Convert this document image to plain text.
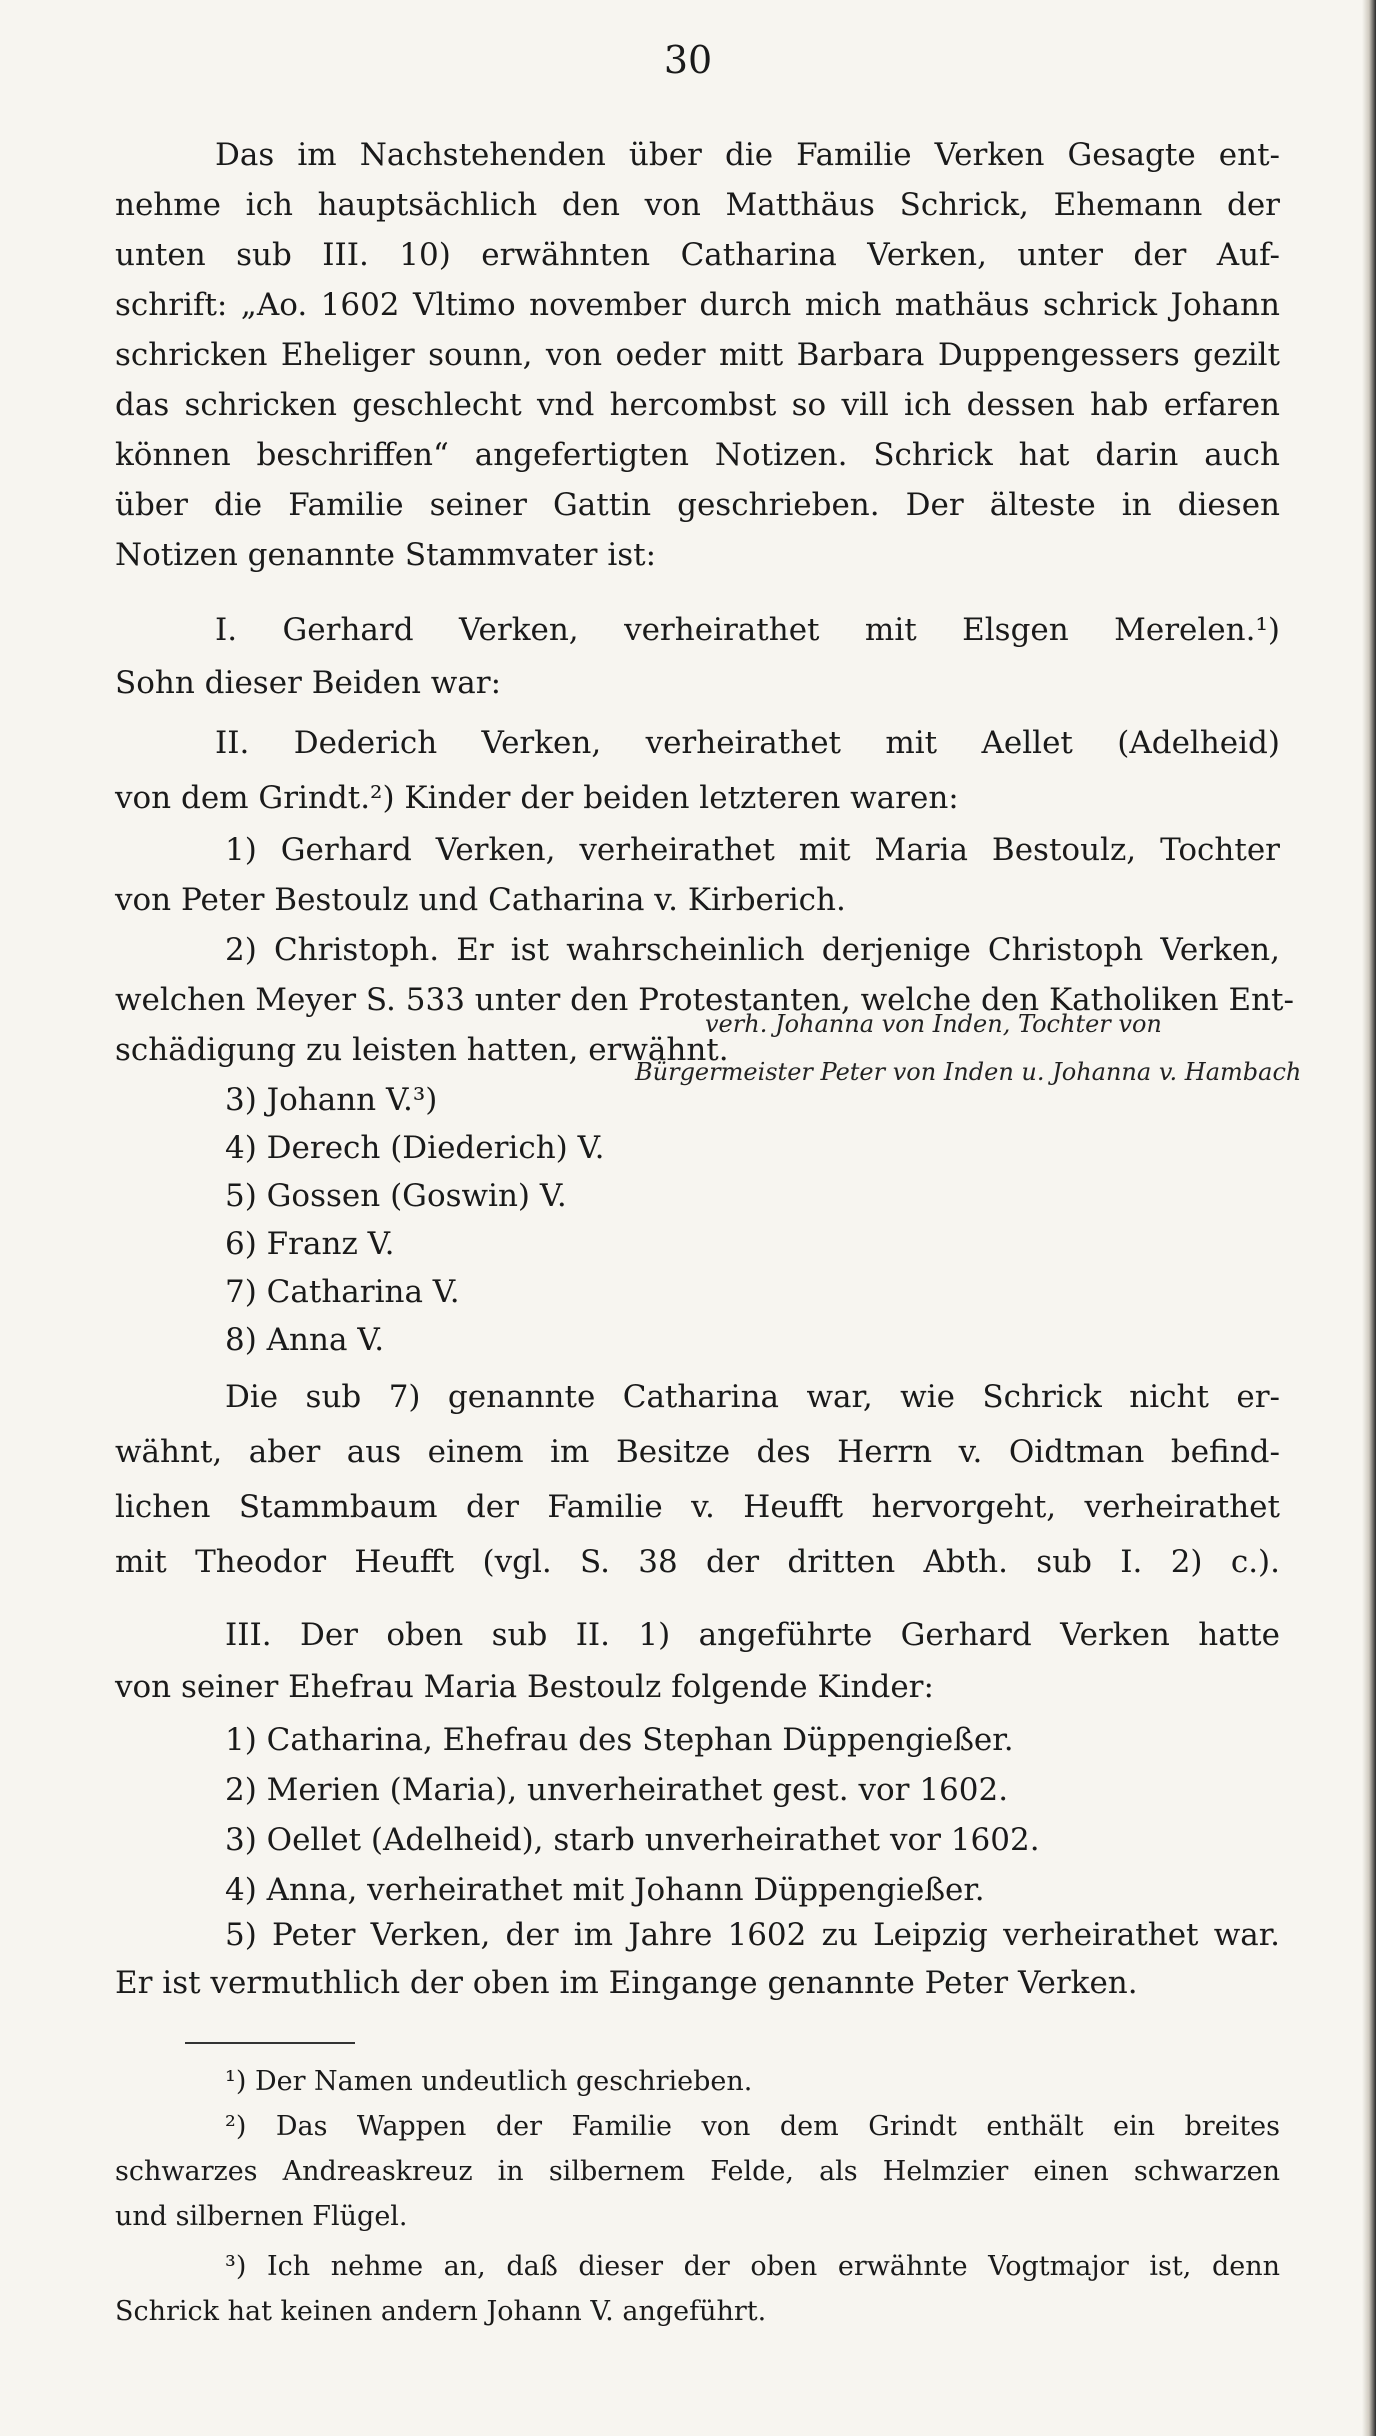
30
Das im Nachstehenden über die Familie Verken Gesagte ent-
nehme ich hauptsächlich den von Matthäus Schrick, Ehemann der
unten sub III. 10) erwähnten Catharina Verken, unter der Auf-
schrift: „Ao. 1602 Vltimo november durch mich mathäus schrick Johann
schricken Eheliger sounn, von oeder mitt Barbara Duppengessers gezilt
das schricken geschlecht vnd hercombst so vill ich dessen hab erfaren
können beschriffen“ angefertigten Notizen. Schrick hat darin auch
über die Familie seiner Gattin geschrieben. Der älteste in diesen
Notizen genannte Stammvater ist:
I. Gerhard Verken, verheirathet mit Elsgen Merelen.¹)
Sohn dieser Beiden war:
II. Dederich Verken, verheirathet mit Aellet (Adelheid)
von dem Grindt.²) Kinder der beiden letzteren waren:
1) Gerhard Verken, verheirathet mit Maria Bestoulz, Tochter
von Peter Bestoulz und Catharina v. Kirberich.
2) Christoph. Er ist wahrscheinlich derjenige Christoph Verken,
welchen Meyer S. 533 unter den Protestanten, welche den Katholiken Ent-
schädigung zu leisten hatten, erwähnt.
3) Johann V.³)
4) Derech (Diederich) V.
5) Gossen (Goswin) V.
6) Franz V.
7) Catharina V.
8) Anna V.
verh. Johanna von Inden, Tochter von
Bürgermeister Peter von Inden u. Johanna v. Hambach
Die sub 7) genannte Catharina war, wie Schrick nicht er-
wähnt, aber aus einem im Besitze des Herrn v. Oidtman befind-
lichen Stammbaum der Familie v. Heufft hervorgeht, verheirathet
mit Theodor Heufft (vgl. S. 38 der dritten Abth. sub I. 2) c.).
III. Der oben sub II. 1) angeführte Gerhard Verken hatte
von seiner Ehefrau Maria Bestoulz folgende Kinder:
1) Catharina, Ehefrau des Stephan Düppengießer.
2) Merien (Maria), unverheirathet gest. vor 1602.
3) Oellet (Adelheid), starb unverheirathet vor 1602.
4) Anna, verheirathet mit Johann Düppengießer.
5) Peter Verken, der im Jahre 1602 zu Leipzig verheirathet war.
Er ist vermuthlich der oben im Eingange genannte Peter Verken.
¹) Der Namen undeutlich geschrieben.
²) Das Wappen der Familie von dem Grindt enthält ein breites
schwarzes Andreaskreuz in silbernem Felde, als Helmzier einen schwarzen
und silbernen Flügel.
³) Ich nehme an, daß dieser der oben erwähnte Vogtmajor ist, denn
Schrick hat keinen andern Johann V. angeführt.
